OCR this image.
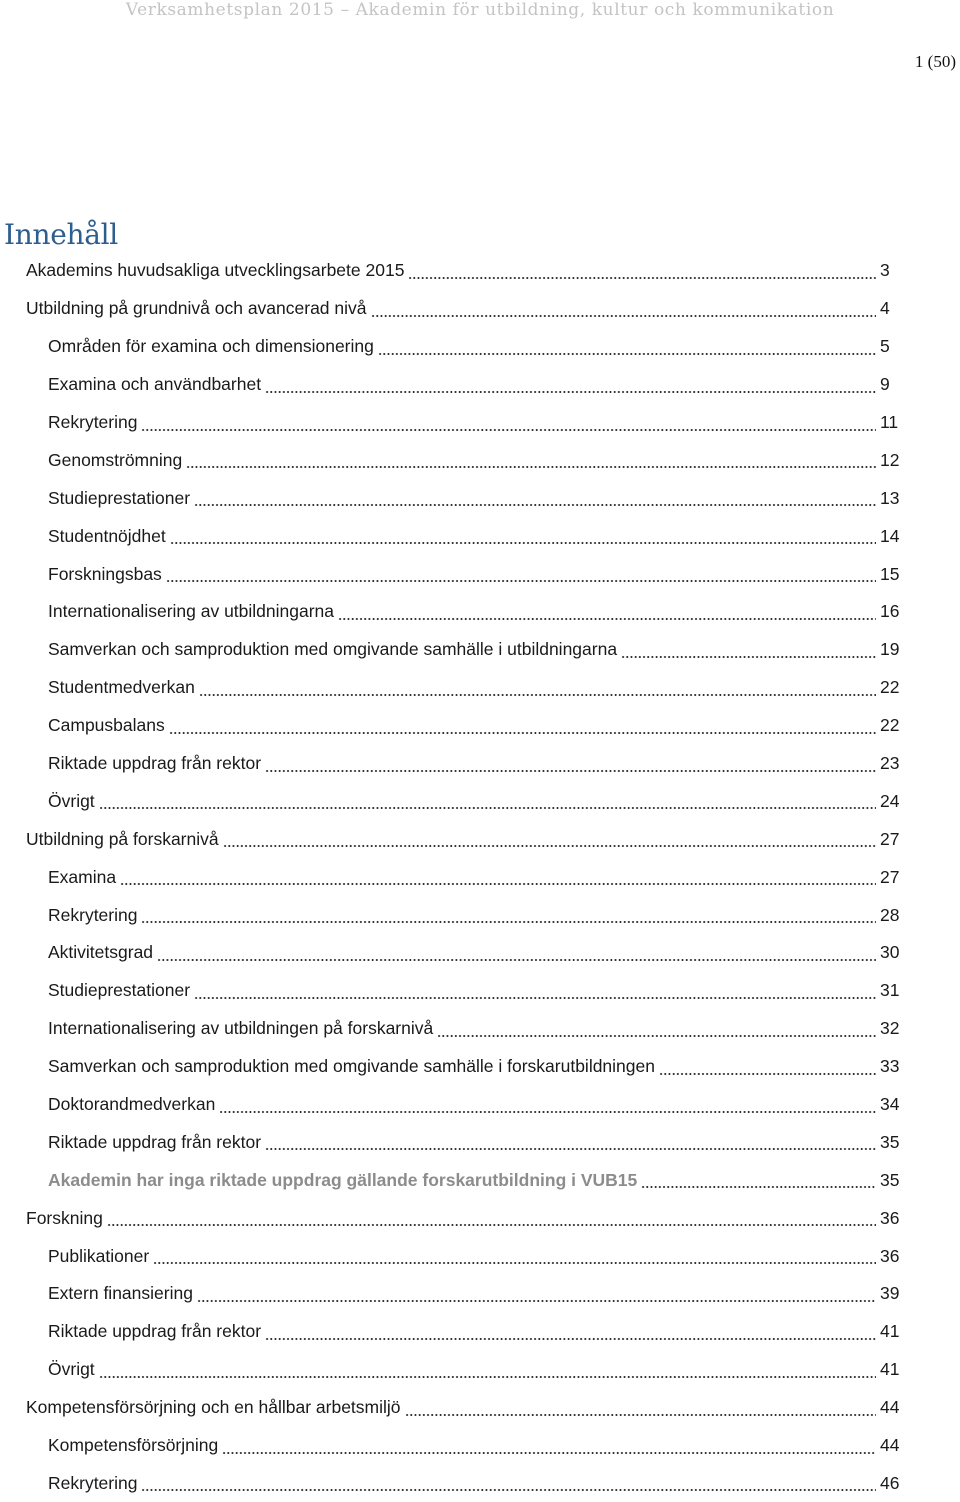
Verksamhetsplan 2015 – Akademin för utbildning, kultur och kommunikation
1 (50)
Innehåll
Akademins huvudsakliga utvecklingsarbete 2015	3
Utbildning på grundnivå och avancerad nivå	4
Områden för examina och dimensionering	5
Examina och användbarhet	9
Rekrytering	11
Genomströmning	12
Studieprestationer	13
Studentnöjdhet	14
Forskningsbas	15
Internationalisering av utbildningarna	16
Samverkan och samproduktion med omgivande samhälle i utbildningarna	19
Studentmedverkan	22
Campusbalans	22
Riktade uppdrag från rektor	23
Övrigt	24
Utbildning på forskarnivå	27
Examina	27
Rekrytering	28
Aktivitetsgrad	30
Studieprestationer	31
Internationalisering av utbildningen på forskarnivå	32
Samverkan och samproduktion med omgivande samhälle i forskarutbildningen	33
Doktorandmedverkan	34
Riktade uppdrag från rektor	35
Akademin har inga riktade uppdrag gällande forskarutbildning i VUB15	35
Forskning	36
Publikationer	36
Extern finansiering	39
Riktade uppdrag från rektor	41
Övrigt	41
Kompetensförsörjning och en hållbar arbetsmiljö	44
Kompetensförsörjning	44
Rekrytering	46
